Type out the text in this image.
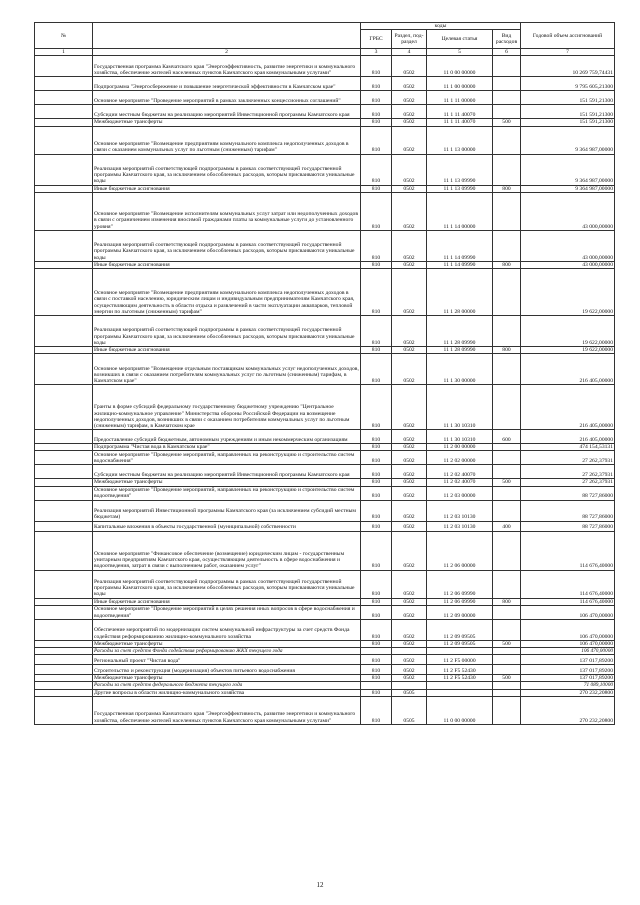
№		коды				Годовой объем ассигнований
		ГРБС	Раздел, под-раздел	Целевая статья	Вид расходов	
1	2	3	4	5	6	7
	Государственная программа Камчатского края "Энергоэффективность, развитие энергетики и коммунального хозяйства, обеспечение жителей населенных пунктов Камчатского края коммунальными услугами"	810	0502	11 0 00 00000		10 269 759,74431
	Подпрограмма "Энергосбережение и повышение энергетической эффективности в Камчатском крае"	810	0502	11 1 00 00000		9 795 605,21300
	Основное мероприятие "Проведение мероприятий в рамках заключенных концессионных соглашений"	810	0502	11 1 11 00000		151 591,21300
	Субсидии местным бюджетам на реализацию мероприятий Инвестиционной программы Камчатского края	810	0502	11 1 11 40070		151 591,21300
	Межбюджетные трансферты	810	0502	11 1 11 40070	500	151 591,21300
	Основное мероприятие "Возмещение предприятиям коммунального комплекса недополученных доходов в связи с оказанием коммунальных услуг по льготным (сниженным) тарифам"	810	0502	11 1 13 00000		9 364 987,00000
	Реализация мероприятий соответствующей подпрограммы в рамках соответствующей государственной программы Камчатского края, за исключением обособленных расходов, которым присваиваются уникальные коды	810	0502	11 1 13 09990		9 364 987,00000
	Иные бюджетные ассигнования	810	0502	11 1 13 09990	800	9 364 987,00000
	Основное мероприятие "Возмещение исполнителям коммунальных услуг затрат или недополученных доходов в связи с ограничением изменения вносимой гражданами платы за коммунальные услуги до установленного уровня"	810	0502	11 1 14 00000		43 000,00000
	Реализация мероприятий соответствующей подпрограммы в рамках соответствующей государственной программы Камчатского края, за исключением обособленных расходов, которым присваиваются уникальные коды	810	0502	11 1 14 09990		43 000,00000
	Иные бюджетные ассигнования	810	0502	11 1 14 09990	800	43 000,00000
	Основное мероприятие "Возмещение предприятиям коммунального комплекса недополученных доходов в связи с поставкой населению, юридическим лицам и индивидуальным предпринимателям Камчатского края, осуществляющим деятельность в области отдыха и развлечений в части эксплуатации аквапарков, тепловой энергии по льготным (сниженным) тарифам"	810	0502	11 1 28 00000		19 622,00000
	Реализация мероприятий соответствующей подпрограммы в рамках соответствующей государственной программы Камчатского края, за исключением обособленных расходов, которым присваиваются уникальные коды	810	0502	11 1 28 09990		19 622,00000
	Иные бюджетные ассигнования	810	0502	11 1 28 09990	800	19 622,00000
	Основное мероприятие "Возмещение отдельным поставщикам коммунальных услуг недополученных доходов, возникших в связи с оказанием потребителям коммунальных услуг по льготным (сниженным) тарифам, в Камчатском крае"	810	0502	11 1 30 00000		216 405,00000
	Гранты в форме субсидий федеральному государственному бюджетному учреждению "Центральное жилищно-коммунальное управление" Министерства обороны Российской Федерации на возмещение недополученных доходов, возникших в связи с оказанием потребителям коммунальных услуг по льготным (сниженным) тарифам, в Камчатском крае	810	0502	11 1 30 10310		216 405,00000
	Предоставление субсидий бюджетным, автономным учреждениям и иным некоммерческим организациям	810	0502	11 1 30 10310	600	216 405,00000
	Подпрограмма "Чистая вода в Камчатском крае"	810	0502	11 2 00 00000		474 154,53131
	Основное мероприятие "Проведение мероприятий, направленных на реконструкцию и строительство систем водоснабжения"	810	0502	11 2 02 00000		27 262,37931
	Субсидии местным бюджетам на реализацию мероприятий Инвестиционной программы Камчатского края	810	0502	11 2 02 40070		27 262,37931
	Межбюджетные трансферты	810	0502	11 2 02 40070	500	27 262,37931
	Основное мероприятие "Проведение мероприятий, направленных на реконструкцию и строительство систем водоотведения"	810	0502	11 2 03 00000		88 727,86000
	Реализация мероприятий Инвестиционной программы Камчатского края (за исключением субсидий местным бюджетам)	810	0502	11 2 03 10130		88 727,86000
	Капитальные вложения в объекты государственной (муниципальной) собственности	810	0502	11 2 03 10130	400	88 727,86000
	Основное мероприятие "Финансовое обеспечение (возмещение) юридическим лицам - государственным унитарным предприятиям Камчатского края, осуществляющим деятельность в сфере водоснабжения и водоотведения, затрат в связи с выполнением работ, оказанием услуг"	810	0502	11 2 06 00000		114 676,40000
	Реализация мероприятий соответствующей подпрограммы в рамках соответствующей государственной программы Камчатского края, за исключением обособленных расходов, которым присваиваются уникальные коды	810	0502	11 2 06 09990		114 676,40000
	Иные бюджетные ассигнования	810	0502	11 2 06 09990	800	114 676,40000
	Основное мероприятие "Проведение мероприятий в целях решения иных вопросов в сфере водоснабжения и водоотведения"	810	0502	11 2 09 00000		106 470,00000
	Обеспечение мероприятий по модернизации систем коммунальной инфраструктуры за счет средств Фонда содействия реформированию жилищно-коммунального хозяйства	810	0502	11 2 09 09505		106 470,00000
	Межбюджетные трансферты	810	0502	11 2 09 09505	500	106 470,00000
	Расходы за счет средств Фонда содействия реформированию ЖКХ текущего года					106 470,00000
	Региональный проект "Чистая вода"	810	0502	11 2 F5 00000		137 017,89200
	Строительство и реконструкция (модернизация) объектов питьевого водоснабжения	810	0502	11 2 F5 52430		137 017,89200
	Межбюджетные трансферты	810	0502	11 2 F5 52430	500	137 017,89200
	Расходы за счет средств федерального бюджета текущего года					71 089,10000
	Другие вопросы в области жилищно-коммунального хозяйства	810	0505			270 232,20800
	Государственная программа Камчатского края "Энергоэффективность, развитие энергетики и коммунального хозяйства, обеспечение жителей населенных пунктов Камчатского края коммунальными услугами"	810	0505	11 0 00 00000		270 232,20800
12
